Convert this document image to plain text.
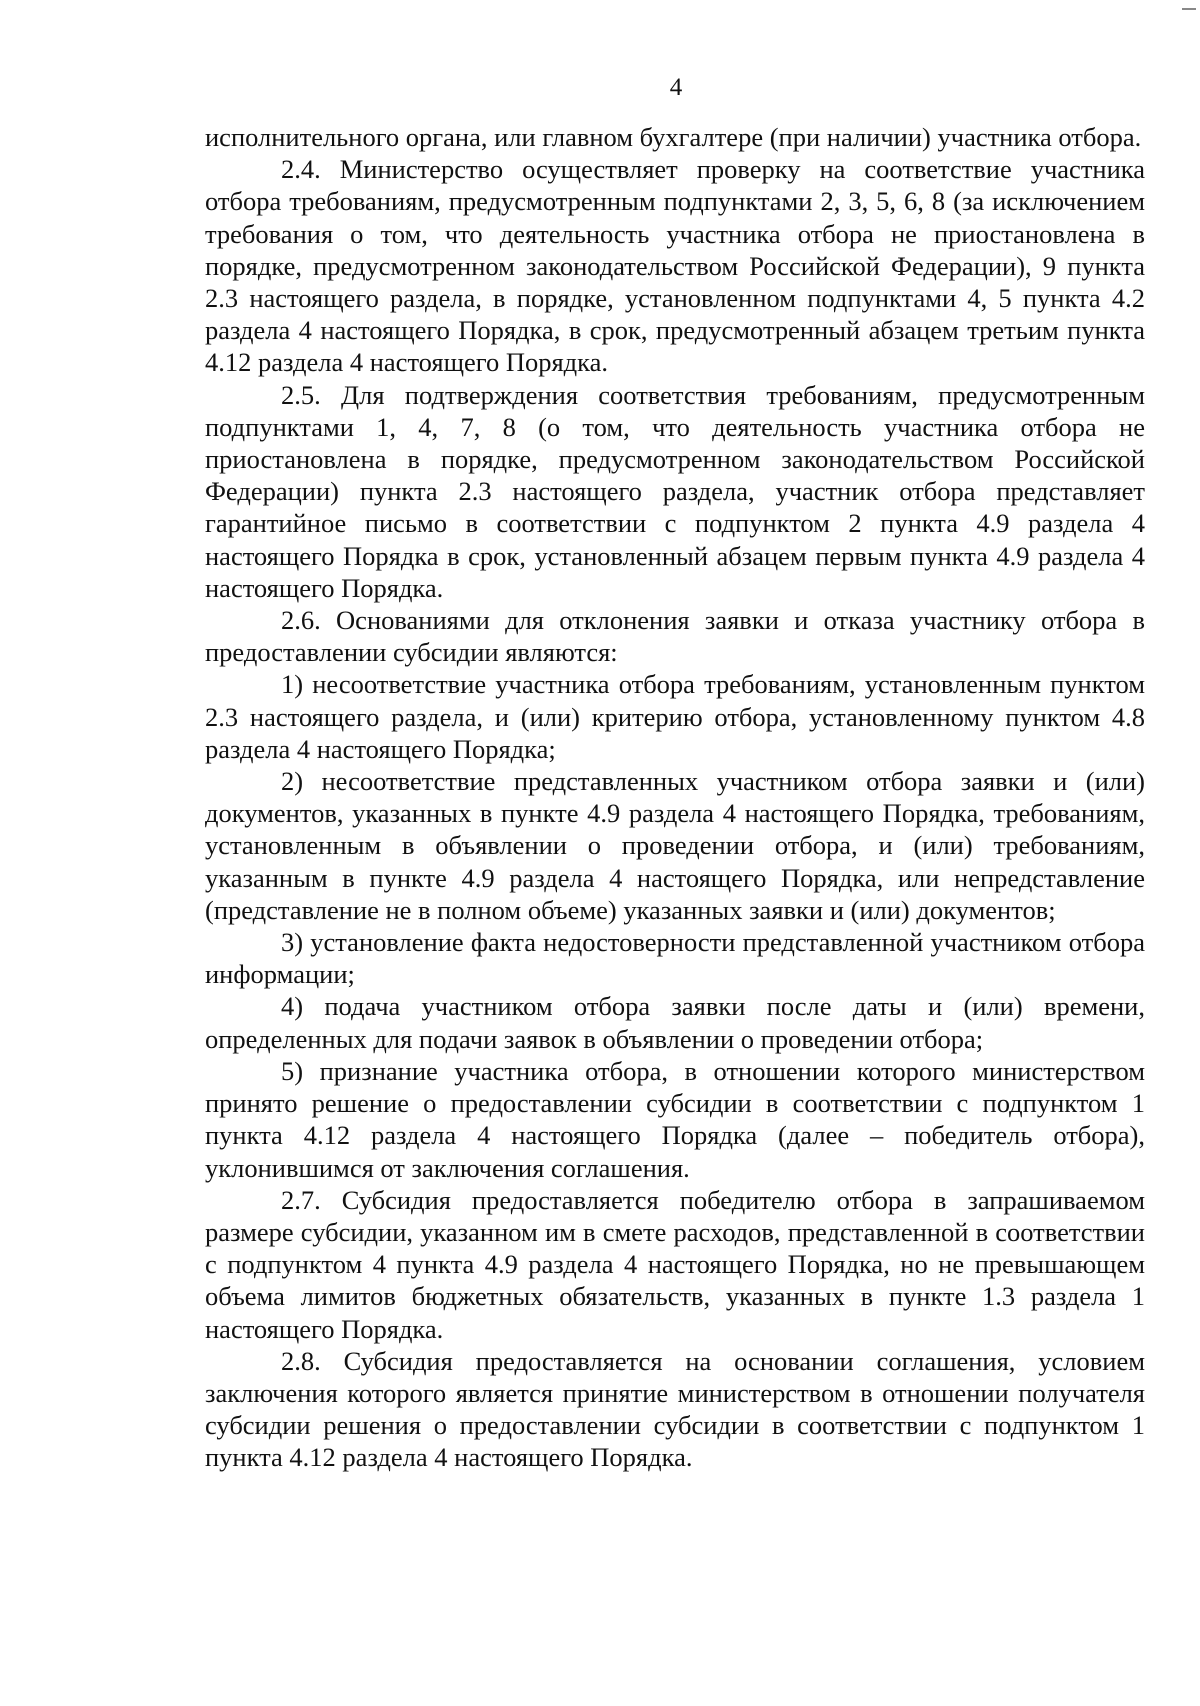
4

исполнительного органа, или главном бухгалтере (при наличии) участника отбора.

2.4. Министерство осуществляет проверку на соответствие участника отбора требованиям, предусмотренным подпунктами 2, 3, 5, 6, 8 (за исключением требования о том, что деятельность участника отбора не приостановлена в порядке, предусмотренном законодательством Российской Федерации), 9 пункта 2.3 настоящего раздела, в порядке, установленном подпунктами 4, 5 пункта 4.2 раздела 4 настоящего Порядка, в срок, предусмотренный абзацем третьим пункта 4.12 раздела 4 настоящего Порядка.

2.5. Для подтверждения соответствия требованиям, предусмотренным подпунктами 1, 4, 7, 8 (о том, что деятельность участника отбора не приостановлена в порядке, предусмотренном законодательством Российской Федерации) пункта 2.3 настоящего раздела, участник отбора представляет гарантийное письмо в соответствии с подпунктом 2 пункта 4.9 раздела 4 настоящего Порядка в срок, установленный абзацем первым пункта 4.9 раздела 4 настоящего Порядка.

2.6. Основаниями для отклонения заявки и отказа участнику отбора в предоставлении субсидии являются:

1) несоответствие участника отбора требованиям, установленным пунктом 2.3 настоящего раздела, и (или) критерию отбора, установленному пунктом 4.8 раздела 4 настоящего Порядка;

2) несоответствие представленных участником отбора заявки и (или) документов, указанных в пункте 4.9 раздела 4 настоящего Порядка, требованиям, установленным в объявлении о проведении отбора, и (или) требованиям, указанным в пункте 4.9 раздела 4 настоящего Порядка, или непредставление (представление не в полном объеме) указанных заявки и (или) документов;

3) установление факта недостоверности представленной участником отбора информации;

4) подача участником отбора заявки после даты и (или) времени, определенных для подачи заявок в объявлении о проведении отбора;

5) признание участника отбора, в отношении которого министерством принято решение о предоставлении субсидии в соответствии с подпунктом 1 пункта 4.12 раздела 4 настоящего Порядка (далее – победитель отбора), уклонившимся от заключения соглашения.

2.7. Субсидия предоставляется победителю отбора в запрашиваемом размере субсидии, указанном им в смете расходов, представленной в соответствии с подпунктом 4 пункта 4.9 раздела 4 настоящего Порядка, но не превышающем объема лимитов бюджетных обязательств, указанных в пункте 1.3 раздела 1 настоящего Порядка.

2.8. Субсидия предоставляется на основании соглашения, условием заключения которого является принятие министерством в отношении получателя субсидии решения о предоставлении субсидии в соответствии с подпунктом 1 пункта 4.12 раздела 4 настоящего Порядка.
